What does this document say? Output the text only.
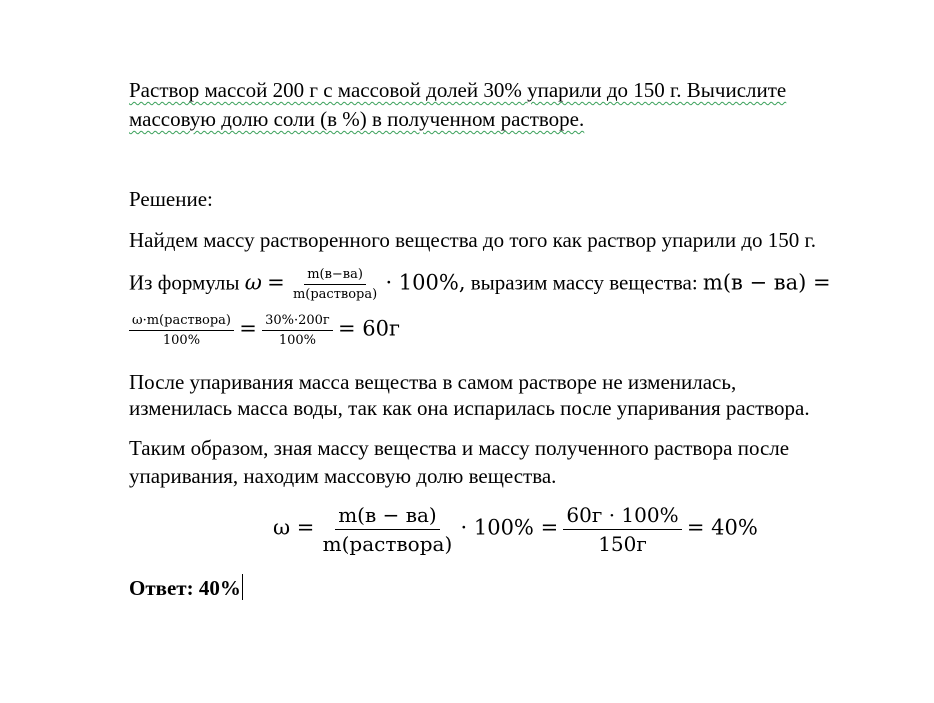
Раствор массой 200 г с массовой долей 30% упарили до 150 г. Вычислите
массовую долю соли (в %) в полученном растворе.
Решение:
Найдем массу растворенного вещества до того как раствор упарили до 150 г.
Из формулы $\omega = \frac{m(в-ва)}{\text{m(раствора)}} \cdot 100\%$, выразим массу вещества: m(в − ва) =
$\frac{\text{ω·m(раствора)}}{100\%} = \frac{30\%\cdot 200г}{100\%} = 60г$
После упаривания масса вещества в самом растворе не изменилась,
изменилась масса воды, так как она испарилась после упаривания раствора.
Таким образом, зная массу вещества и массу полученного раствора после
упаривания, находим массовую долю вещества.
$\omega = \frac{m(в - ва)}{\text{m(раствора)}} \cdot 100\% = \frac{60г \cdot 100\%}{150г} = 40\%$
Ответ: 40%
